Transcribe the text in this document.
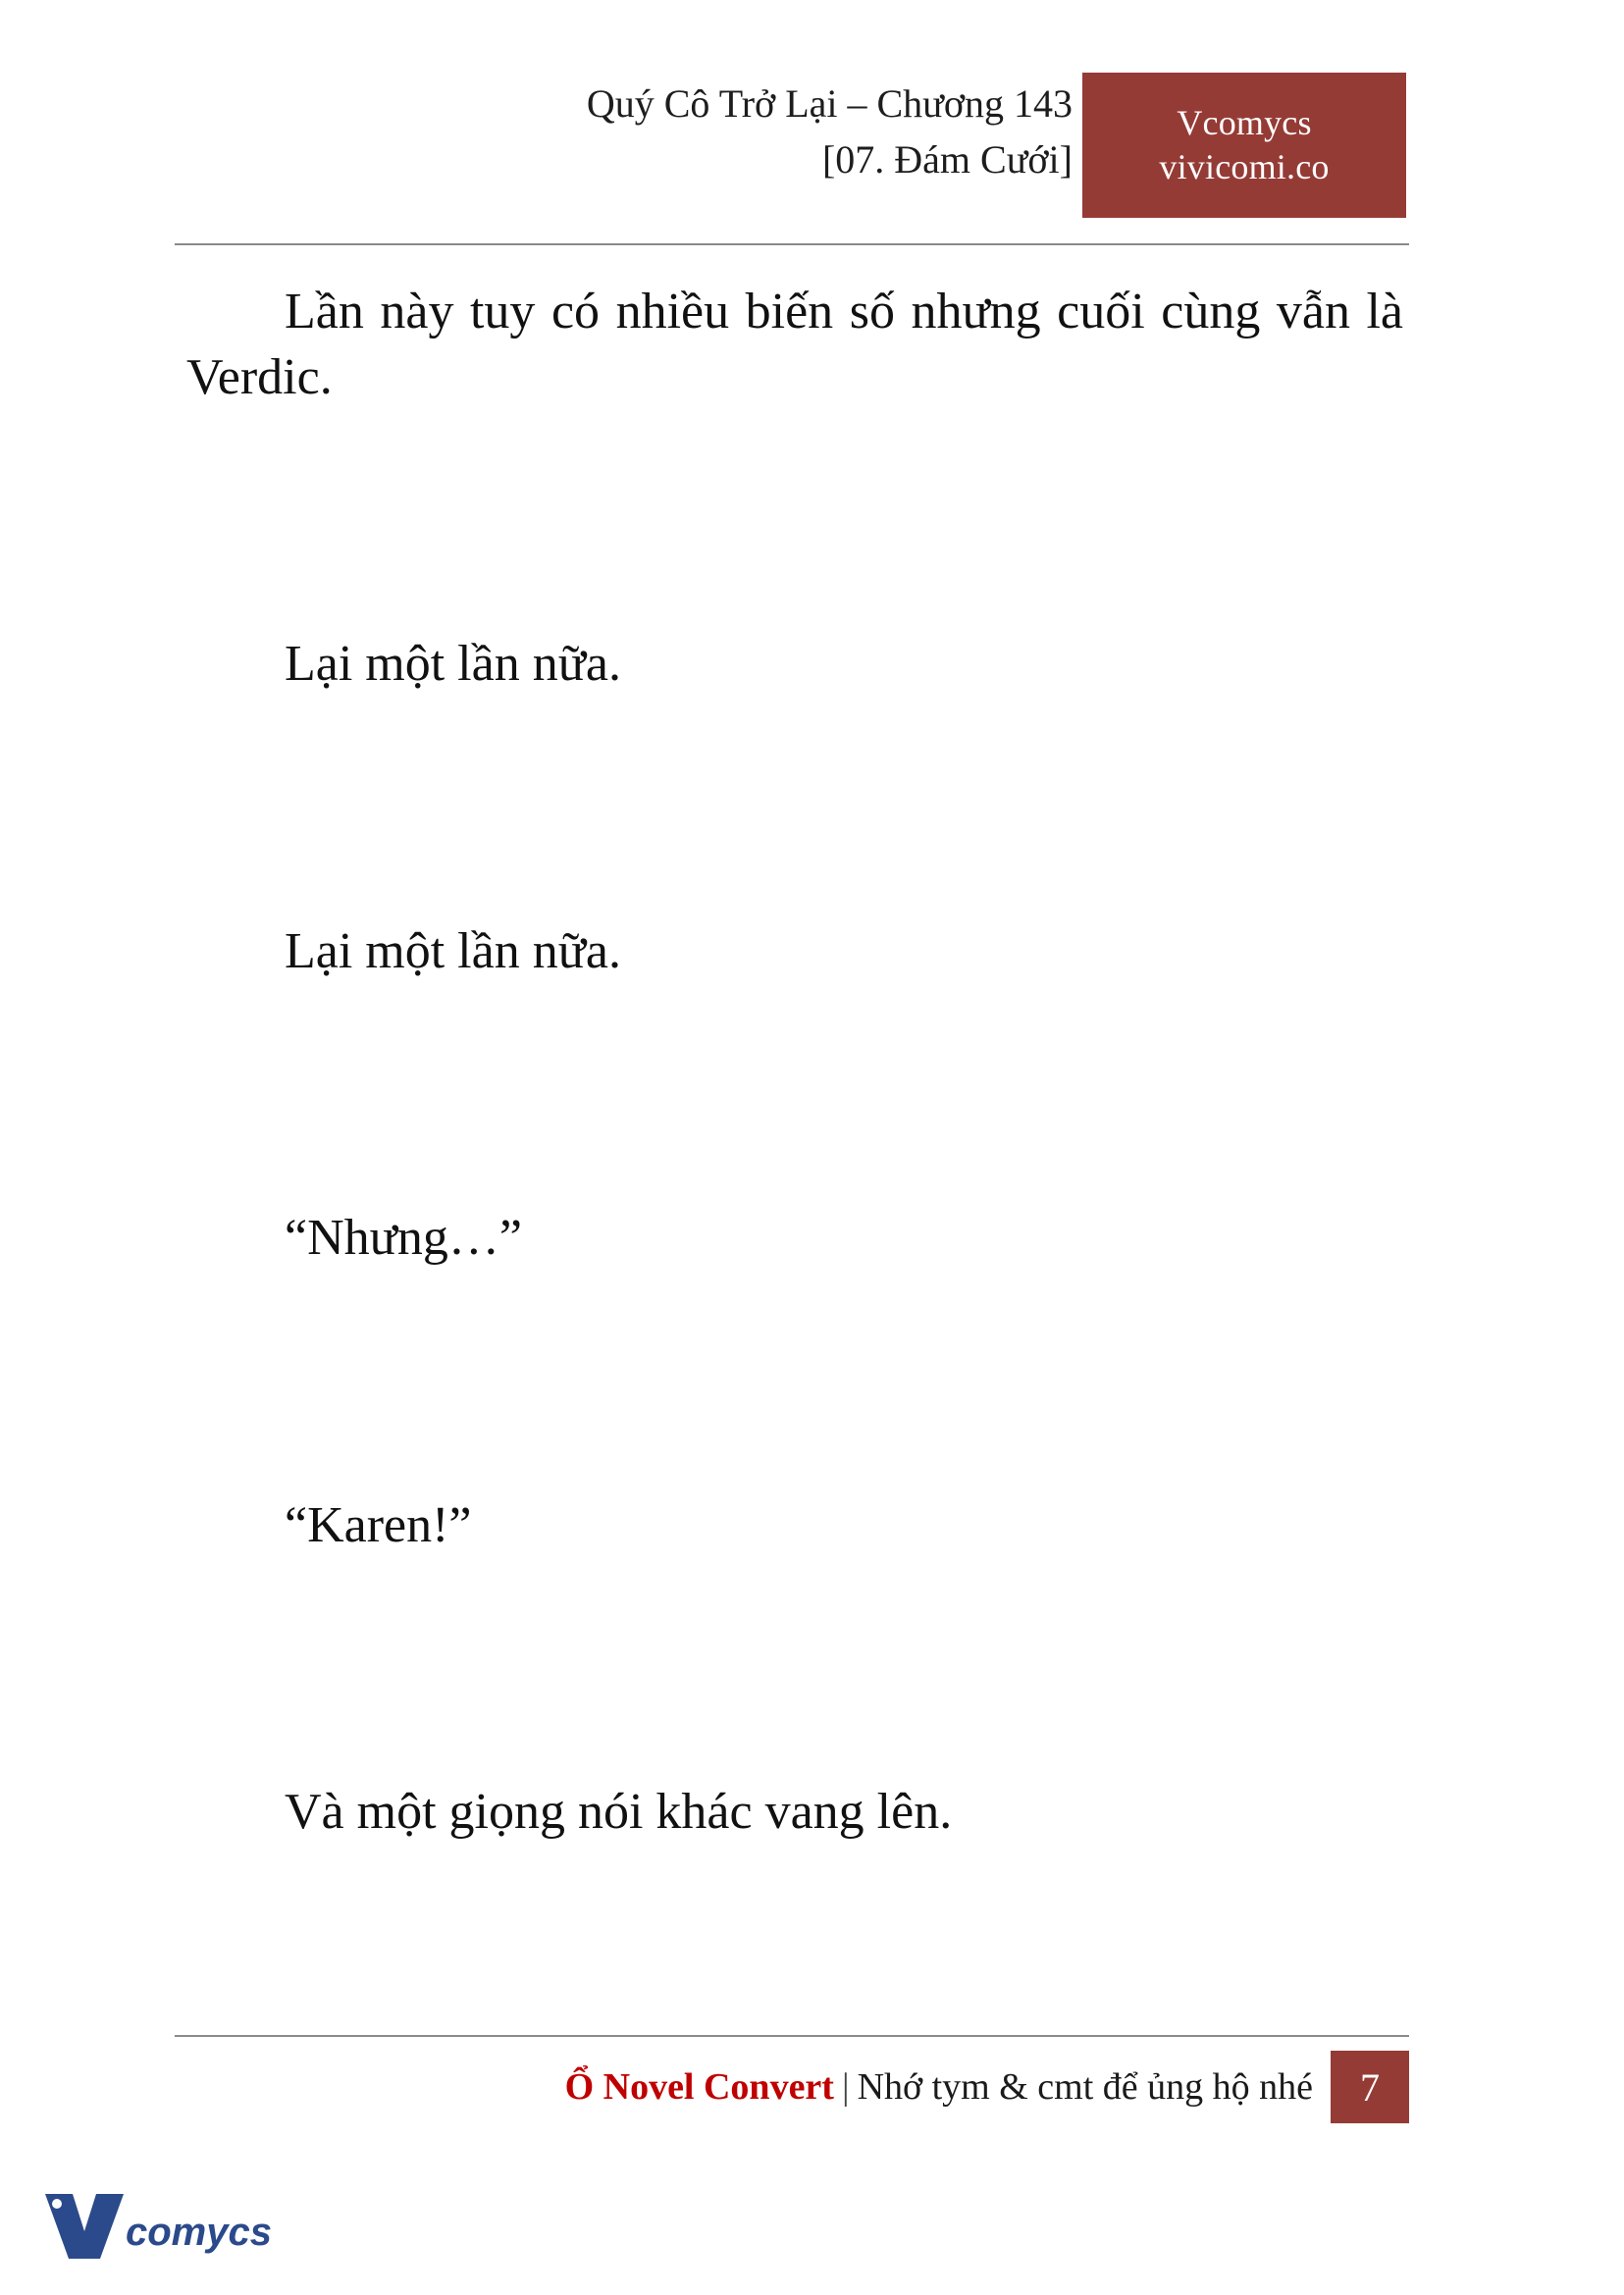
Quý Cô Trở Lại – Chương 143
[07. Đám Cưới]
Vcomycs
vivicomi.co

Lần này tuy có nhiều biến số nhưng cuối cùng vẫn là Verdic.

Lại một lần nữa.

Lại một lần nữa.

“Nhưng…”

“Karen!”

Và một giọng nói khác vang lên.

Ổ Novel Convert | Nhớ tym & cmt để ủng hộ nhé	7
comycs
